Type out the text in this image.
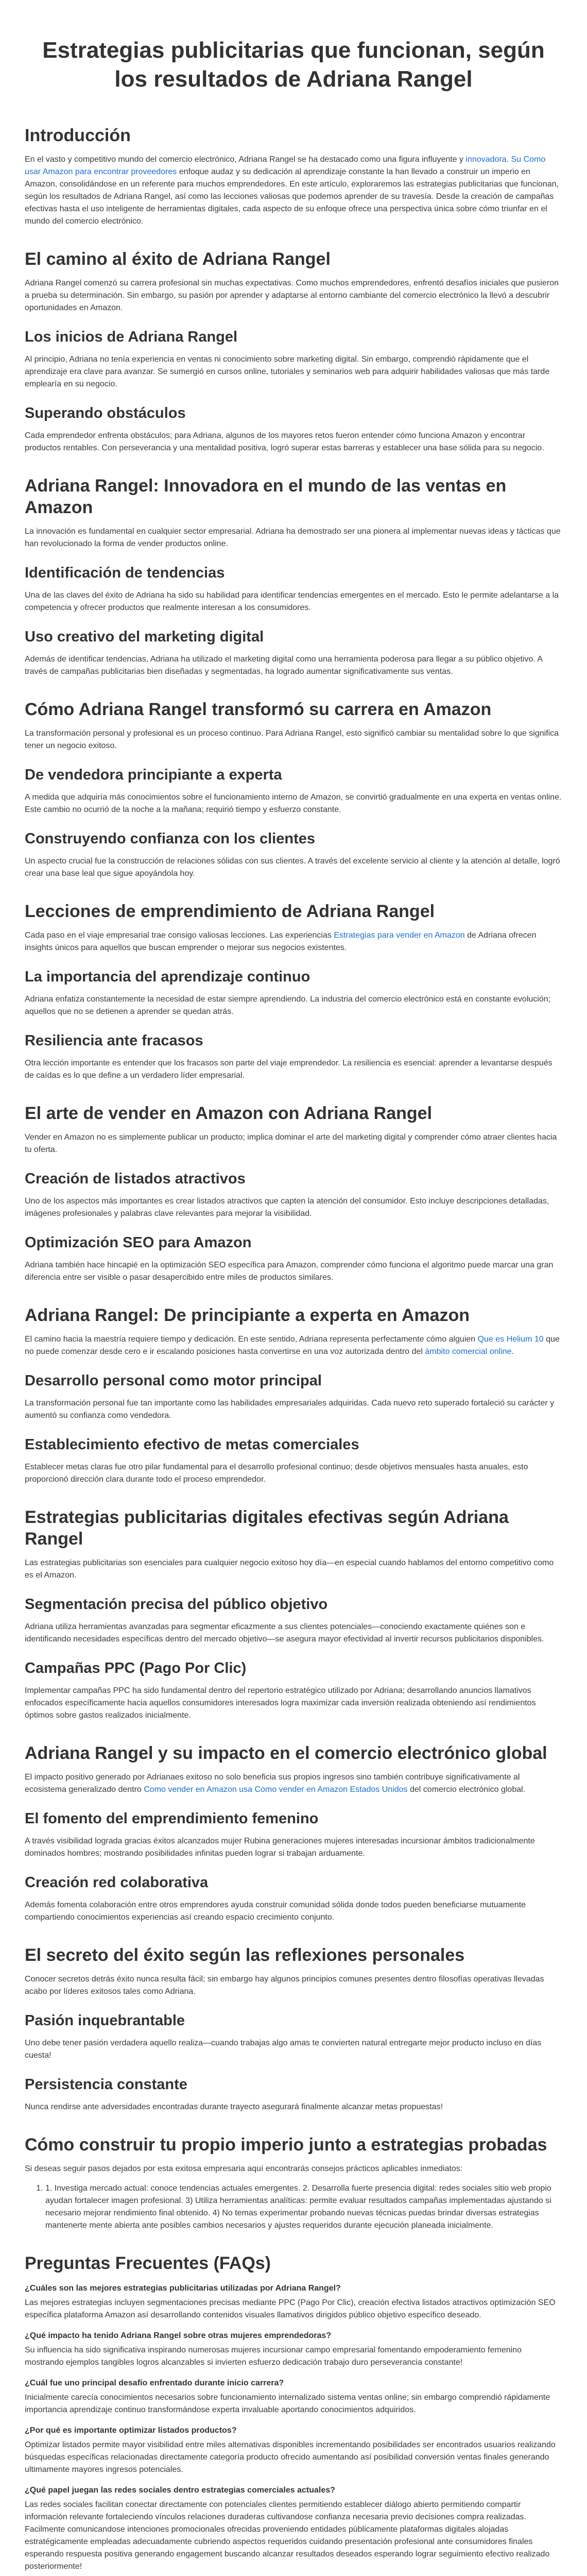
Estrategias publicitarias que funcionan, según los resultados de Adriana Rangel
Introducción

En el vasto y competitivo mundo del comercio electrónico, Adriana Rangel se ha destacado como una figura influyente y innovadora. Su Como usar Amazon para encontrar proveedores enfoque audaz y su dedicación al aprendizaje constante la han llevado a construir un imperio en Amazon, consolidándose en un referente para muchos emprendedores. En este artículo, exploraremos las estrategias publicitarias que funcionan, según los resultados de Adriana Rangel, así como las lecciones valiosas que podemos aprender de su travesía. Desde la creación de campañas efectivas hasta el uso inteligente de herramientas digitales, cada aspecto de su enfoque ofrece una perspectiva única sobre cómo triunfar en el mundo del comercio electrónico.

El camino al éxito de Adriana Rangel

Adriana Rangel comenzó su carrera profesional sin muchas expectativas. Como muchos emprendedores, enfrentó desafíos iniciales que pusieron a prueba su determinación. Sin embargo, su pasión por aprender y adaptarse al entorno cambiante del comercio electrónico la llevó a descubrir oportunidades en Amazon.

Los inicios de Adriana Rangel

Al principio, Adriana no tenía experiencia en ventas ni conocimiento sobre marketing digital. Sin embargo, comprendió rápidamente que el aprendizaje era clave para avanzar. Se sumergió en cursos online, tutoriales y seminarios web para adquirir habilidades valiosas que más tarde emplearía en su negocio.

Superando obstáculos

Cada emprendedor enfrenta obstáculos; para Adriana, algunos de los mayores retos fueron entender cómo funciona Amazon y encontrar productos rentables. Con perseverancia y una mentalidad positiva, logró superar estas barreras y establecer una base sólida para su negocio.

Adriana Rangel: Innovadora en el mundo de las ventas en Amazon

La innovación es fundamental en cualquier sector empresarial. Adriana ha demostrado ser una pionera al implementar nuevas ideas y tácticas que han revolucionado la forma de vender productos online.

Identificación de tendencias

Una de las claves del éxito de Adriana ha sido su habilidad para identificar tendencias emergentes en el mercado. Esto le permite adelantarse a la competencia y ofrecer productos que realmente interesan a los consumidores.

Uso creativo del marketing digital

Además de identificar tendencias, Adriana ha utilizado el marketing digital como una herramienta poderosa para llegar a su público objetivo. A través de campañas publicitarias bien diseñadas y segmentadas, ha logrado aumentar significativamente sus ventas.

Cómo Adriana Rangel transformó su carrera en Amazon

La transformación personal y profesional es un proceso continuo. Para Adriana Rangel, esto significó cambiar su mentalidad sobre lo que significa tener un negocio exitoso.

De vendedora principiante a experta

A medida que adquiría más conocimientos sobre el funcionamiento interno de Amazon, se convirtió gradualmente en una experta en ventas online. Este cambio no ocurrió de la noche a la mañana; requirió tiempo y esfuerzo constante.

Construyendo confianza con los clientes

Un aspecto crucial fue la construcción de relaciones sólidas con sus clientes. A través del excelente servicio al cliente y la atención al detalle, logró crear una base leal que sigue apoyándola hoy.

Lecciones de emprendimiento de Adriana Rangel

Cada paso en el viaje empresarial trae consigo valiosas lecciones. Las experiencias Estrategias para vender en Amazon de Adriana ofrecen insights únicos para aquellos que buscan emprender o mejorar sus negocios existentes.

La importancia del aprendizaje continuo

Adriana enfatiza constantemente la necesidad de estar siempre aprendiendo. La industria del comercio electrónico está en constante evolución; aquellos que no se detienen a aprender se quedan atrás.

Resiliencia ante fracasos

Otra lección importante es entender que los fracasos son parte del viaje emprendedor. La resiliencia es esencial: aprender a levantarse después de caídas es lo que define a un verdadero líder empresarial.

El arte de vender en Amazon con Adriana Rangel

Vender en Amazon no es simplemente publicar un producto; implica dominar el arte del marketing digital y comprender cómo atraer clientes hacia tu oferta.

Creación de listados atractivos

Uno de los aspectos más importantes es crear listados atractivos que capten la atención del consumidor. Esto incluye descripciones detalladas, imágenes profesionales y palabras clave relevantes para mejorar la visibilidad.

Optimización SEO para Amazon

Adriana también hace hincapié en la optimización SEO específica para Amazon, comprender cómo funciona el algoritmo puede marcar una gran diferencia entre ser visible o pasar desapercibido entre miles de productos similares.

Adriana Rangel: De principiante a experta en Amazon

El camino hacia la maestría requiere tiempo y dedicación. En este sentido, Adriana representa perfectamente cómo alguien Que es Helium 10 que no puede comenzar desde cero e ir escalando posiciones hasta convertirse en una voz autorizada dentro del ámbito comercial online.

Desarrollo personal como motor principal

La transformación personal fue tan importante como las habilidades empresariales adquiridas. Cada nuevo reto superado fortaleció su carácter y aumentó su confianza como vendedora.

Establecimiento efectivo de metas comerciales

Establecer metas claras fue otro pilar fundamental para el desarrollo profesional continuo; desde objetivos mensuales hasta anuales, esto proporcionó dirección clara durante todo el proceso emprendedor.

Estrategias publicitarias digitales efectivas según Adriana Rangel

Las estrategias publicitarias son esenciales para cualquier negocio exitoso hoy día—en especial cuando hablamos del entorno competitivo como es el Amazon.

Segmentación precisa del público objetivo

Adriana utiliza herramientas avanzadas para segmentar eficazmente a sus clientes potenciales—conociendo exactamente quiénes son e identificando necesidades específicas dentro del mercado objetivo—se asegura mayor efectividad al invertir recursos publicitarios disponibles.

Campañas PPC (Pago Por Clic)

Implementar campañas PPC ha sido fundamental dentro del repertorio estratégico utilizado por Adriana; desarrollando anuncios llamativos enfocados específicamente hacia aquellos consumidores interesados logra maximizar cada inversión realizada obteniendo así rendimientos óptimos sobre gastos realizados inicialmente.

Adriana Rangel y su impacto en el comercio electrónico global

El impacto positivo generado por Adrianaes exitoso no solo beneficia sus propios ingresos sino también contribuye significativamente al ecosistema generalizado dentro Como vender en Amazon usa Como vender en Amazon Estados Unidos del comercio electrónico global.

El fomento del emprendimiento femenino

A través visibilidad lograda gracias éxitos alcanzados mujer Rubina generaciones mujeres interesadas incursionar ámbitos tradicionalmente dominados hombres; mostrando posibilidades infinitas pueden lograr si trabajan arduamente.

Creación red colaborativa

Además fomenta colaboración entre otros emprendores ayuda construir comunidad sólida donde todos pueden beneficiarse mutuamente compartiendo conocimientos experiencias así creando espacio crecimiento conjunto.

El secreto del éxito según las reflexiones personales

Conocer secretos detrás éxito nunca resulta fácil; sin embargo hay algunos principios comunes presentes dentro filosofías operativas llevadas acabo por líderes exitosos tales como Adriana.

Pasión inquebrantable

Uno debe tener pasión verdadera aquello realiza—cuando trabajas algo amas te convierten natural entregarte mejor producto incluso en días cuesta!

Persistencia constante

Nunca rendirse ante adversidades encontradas durante trayecto asegurará finalmente alcanzar metas propuestas!

Cómo construir tu propio imperio junto a estrategias probadas

Si deseas seguir pasos dejados por esta exitosa empresaria aquí encontrarás consejos prácticos aplicables inmediatos:

1. 1. Investiga mercado actual: conoce tendencias actuales emergentes. 2. Desarrolla fuerte presencia digital: redes sociales sitio web propio ayudan fortalecer imagen profesional. 3) Utiliza herramientas analíticas: permite evaluar resultados campañas implementadas ajustando si necesario mejorar rendimiento final obtenido. 4) No temas experimentar probando nuevas técnicas puedas brindar diversas estrategias mantenerte mente abierta ante posibles cambios necesarios y ajustes requeridos durante ejecución planeada inicialmente.
Preguntas Frecuentes (FAQs)
¿Cuáles son las mejores estrategias publicitarias utilizadas por Adriana Rangel?
Las mejores estrategias incluyen segmentaciones precisas mediante PPC (Pago Por Clic), creación efectiva listados atractivos optimización SEO específica plataforma Amazon así desarrollando contenidos visuales llamativos dirigidos público objetivo específico deseado.
¿Qué impacto ha tenido Adriana Rangel sobre otras mujeres emprendedoras?
Su influencia ha sido significativa inspirando numerosas mujeres incursionar campo empresarial fomentando empoderamiento femenino mostrando ejemplos tangibles logros alcanzables si invierten esfuerzo dedicación trabajo duro perseverancia constante!
¿Cuál fue uno principal desafío enfrentado durante inicio carrera?
Inicialmente carecía conocimientos necesarios sobre funcionamiento internalizado sistema ventas online; sin embargo comprendió rápidamente importancia aprendizaje continuo transformándose experta invaluable aportando conocimientos adquiridos.
¿Por qué es importante optimizar listados productos?
Optimizar listados permite mayor visibilidad entre miles alternativas disponibles incrementando posibilidades ser encontrados usuarios realizando búsquedas específicas relacionadas directamente categoría producto ofrecido aumentando así posibilidad conversión ventas finales generando ultimamente mayores ingresos potenciales.
¿Qué papel juegan las redes sociales dentro estrategias comerciales actuales?
Las redes sociales facilitan conectar directamente con potenciales clientes permitiendo establecer diálogo abierto permitiendo compartir información relevante fortaleciendo vínculos relaciones duraderas cultivandose confianza necesaria previo decisiones compra realizadas. Facilmente comunicandose intenciones promocionales ofrecidas proveniendo entidades públicamente plataformas digitales alojadas estratégicamente empleadas adecuadamente cubriendo aspectos requeridos cuidando presentación profesional ante consumidores finales esperando respuesta positiva generando engagement buscando alcanzar resultados deseados esperando lograr seguimiento efectivo realizado posteriormente!
